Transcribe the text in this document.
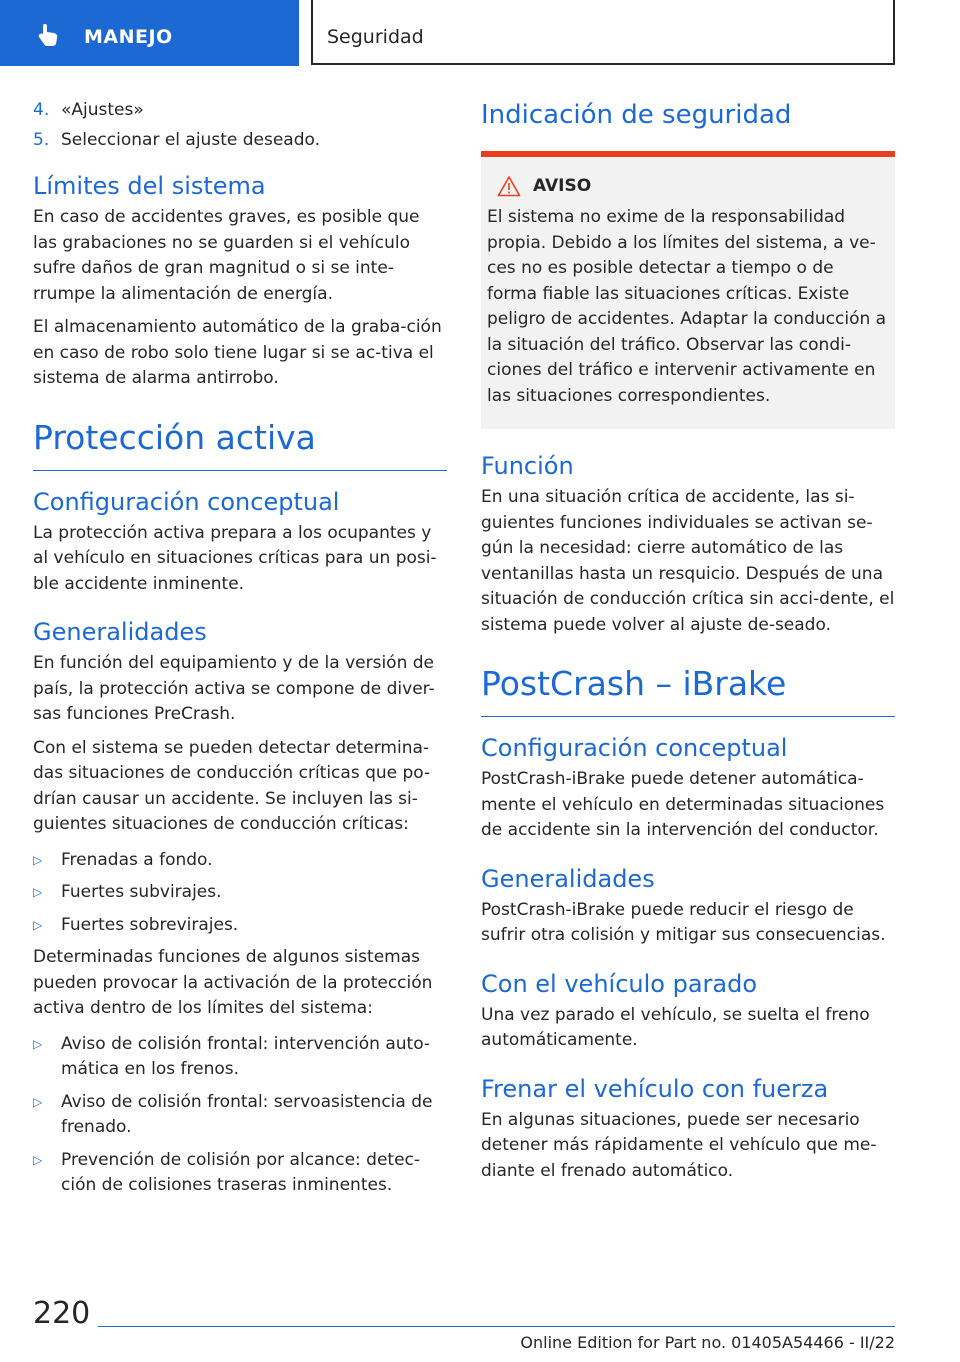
MANEJO	Seguridad
4. «Ajustes»
5. Seleccionar el ajuste deseado.
Límites del sistema

En caso de accidentes graves, es posible que las grabaciones no se guarden si el vehículo sufre daños de gran magnitud o si se inte-rrumpe la alimentación de energía.

El almacenamiento automático de la graba-ción en caso de robo solo tiene lugar si se ac-tiva el sistema de alarma antirrobo.

Protección activa
Configuración conceptual

La protección activa prepara a los ocupantes y al vehículo en situaciones críticas para un posi-ble accidente inminente.

Generalidades

En función del equipamiento y de la versión de país, la protección activa se compone de diver-sas funciones PreCrash.

Con el sistema se pueden detectar determina-das situaciones de conducción críticas que po-drían causar un accidente. Se incluyen las si-guientes situaciones de conducción críticas:

▷	Frenadas a fondo.
▷	Fuertes subvirajes.
▷	Fuertes sobrevirajes.

Determinadas funciones de algunos sistemas pueden provocar la activación de la protección activa dentro de los límites del sistema:

▷	Aviso de colisión frontal: intervención auto-mática en los frenos.
▷	Aviso de colisión frontal: servoasistencia de frenado.
▷	Prevención de colisión por alcance: detec-ción de colisiones traseras inminentes.
Indicación de seguridad
AVISO

El sistema no exime de la responsabilidad propia. Debido a los límites del sistema, a ve-ces no es posible detectar a tiempo o de forma fiable las situaciones críticas. Existe peligro de accidentes. Adaptar la conducción a la situación del tráfico. Observar las condi-ciones del tráfico e intervenir activamente en las situaciones correspondientes.

Función

En una situación crítica de accidente, las si-guientes funciones individuales se activan se-gún la necesidad: cierre automático de las ventanillas hasta un resquicio. Después de una situación de conducción crítica sin acci-dente, el sistema puede volver al ajuste de-seado.

PostCrash – iBrake
Configuración conceptual

PostCrash-iBrake puede detener automática-mente el vehículo en determinadas situaciones de accidente sin la intervención del conductor.

Generalidades

PostCrash-iBrake puede reducir el riesgo de sufrir otra colisión y mitigar sus consecuencias.

Con el vehículo parado

Una vez parado el vehículo, se suelta el freno automáticamente.

Frenar el vehículo con fuerza

En algunas situaciones, puede ser necesario detener más rápidamente el vehículo que me-diante el frenado automático.

220
Online Edition for Part no. 01405A54466 - II/22
